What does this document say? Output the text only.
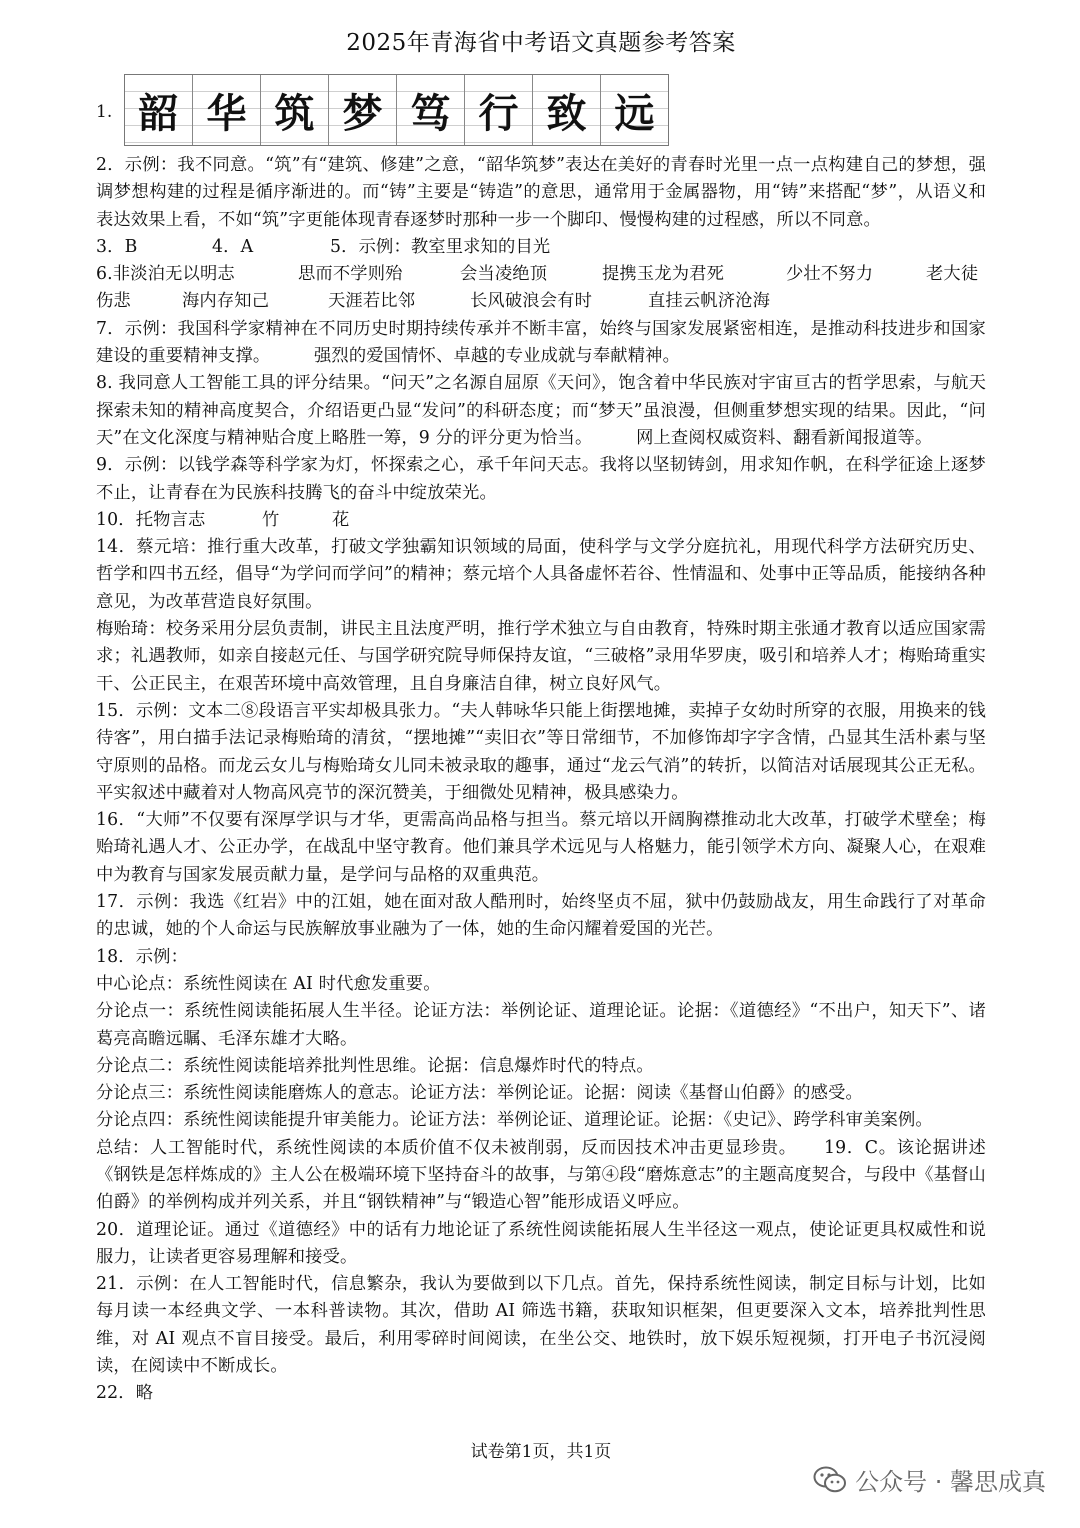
2025年青海省中考语文真题参考答案
1. 韶 华 筑 梦 笃 行 致 远

2．示例：我不同意。“筑”有“建筑、修建”之意，“韶华筑梦”表达在美好的青春时光里一点一点构建自己的梦想，强调梦想构建的过程是循序渐进的。而“铸”主要是“铸造”的意思，通常用于金属器物，用“铸”来搭配“梦”，从语义和表达效果上看，不如“筑”字更能体现青春逐梦时那种一步一个脚印、慢慢构建的过程感，所以不同意。

3．B	4．A	5．示例：教室里求知的目光
6.非淡泊无以明志	思而不学则殆	会当凌绝顶	提携玉龙为君死	少壮不努力	老大徒
伤悲	海内存知己	天涯若比邻	长风破浪会有时	直挂云帆济沧海

7．示例：我国科学家精神在不同历史时期持续传承并不断丰富，始终与国家发展紧密相连，是推动科技进步和国家建设的重要精神支撑。　　　强烈的爱国情怀、卓越的专业成就与奉献精神。

8. 我同意人工智能工具的评分结果。“问天”之名源自屈原《天问》，饱含着中华民族对宇宙亘古的哲学思索，与航天探索未知的精神高度契合，介绍语更凸显“发问”的科研态度；而“梦天”虽浪漫，但侧重梦想实现的结果。因此，“问天”在文化深度与精神贴合度上略胜一筹，9 分的评分更为恰当。　　　网上查阅权威资料、翻看新闻报道等。

9．示例：以钱学森等科学家为灯，怀探索之心，承千年问天志。我将以坚韧铸剑，用求知作帆，在科学征途上逐梦不止，让青春在为民族科技腾飞的奋斗中绽放荣光。

10．托物言志	竹	花

14．蔡元培：推行重大改革，打破文学独霸知识领域的局面，使科学与文学分庭抗礼，用现代科学方法研究历史、哲学和四书五经，倡导“为学问而学问”的精神；蔡元培个人具备虚怀若谷、性情温和、处事中正等品质，能接纳各种意见，为改革营造良好氛围。

梅贻琦：校务采用分层负责制，讲民主且法度严明，推行学术独立与自由教育，特殊时期主张通才教育以适应国家需求；礼遇教师，如亲自接赵元任、与国学研究院导师保持友谊，“三破格”录用华罗庚，吸引和培养人才；梅贻琦重实干、公正民主，在艰苦环境中高效管理，且自身廉洁自律，树立良好风气。

15．示例：文本二⑧段语言平实却极具张力。“夫人韩咏华只能上街摆地摊，卖掉子女幼时所穿的衣服，用换来的钱待客”，用白描手法记录梅贻琦的清贫，“摆地摊”“卖旧衣”等日常细节，不加修饰却字字含情，凸显其生活朴素与坚守原则的品格。而龙云女儿与梅贻琦女儿同未被录取的趣事，通过“龙云气消”的转折，以简洁对话展现其公正无私。平实叙述中藏着对人物高风亮节的深沉赞美，于细微处见精神，极具感染力。

16．“大师”不仅要有深厚学识与才华，更需高尚品格与担当。蔡元培以开阔胸襟推动北大改革，打破学术壁垒；梅贻琦礼遇人才、公正办学，在战乱中坚守教育。他们兼具学术远见与人格魅力，能引领学术方向、凝聚人心，在艰难中为教育与国家发展贡献力量，是学问与品格的双重典范。

17．示例：我选《红岩》中的江姐，她在面对敌人酷刑时，始终坚贞不屈，狱中仍鼓励战友，用生命践行了对革命的忠诚，她的个人命运与民族解放事业融为了一体，她的生命闪耀着爱国的光芒。

18．示例：

中心论点：系统性阅读在 AI 时代愈发重要。

分论点一：系统性阅读能拓展人生半径。论证方法：举例论证、道理论证。论据：《道德经》“不出户，知天下”、诸葛亮高瞻远瞩、毛泽东雄才大略。

分论点二：系统性阅读能培养批判性思维。论据：信息爆炸时代的特点。

分论点三：系统性阅读能磨炼人的意志。论证方法：举例论证。论据：阅读《基督山伯爵》的感受。

分论点四：系统性阅读能提升审美能力。论证方法：举例论证、道理论证。论据：《史记》、跨学科审美案例。

总结：人工智能时代，系统性阅读的本质价值不仅未被削弱，反而因技术冲击更显珍贵。　　19．C。该论据讲述《钢铁是怎样炼成的》主人公在极端环境下坚持奋斗的故事，与第④段“磨炼意志”的主题高度契合，与段中《基督山伯爵》的举例构成并列关系，并且“钢铁精神”与“锻造心智”能形成语义呼应。

20．道理论证。通过《道德经》中的话有力地论证了系统性阅读能拓展人生半径这一观点，使论证更具权威性和说服力，让读者更容易理解和接受。

21．示例：在人工智能时代，信息繁杂，我认为要做到以下几点。首先，保持系统性阅读，制定目标与计划，比如每月读一本经典文学、一本科普读物。其次，借助 AI 筛选书籍，获取知识框架，但更要深入文本，培养批判性思维，对 AI 观点不盲目接受。最后，利用零碎时间阅读，在坐公交、地铁时，放下娱乐短视频，打开电子书沉浸阅读，在阅读中不断成长。

22．略

试卷第1页，共1页
公众号 · 馨思成真
